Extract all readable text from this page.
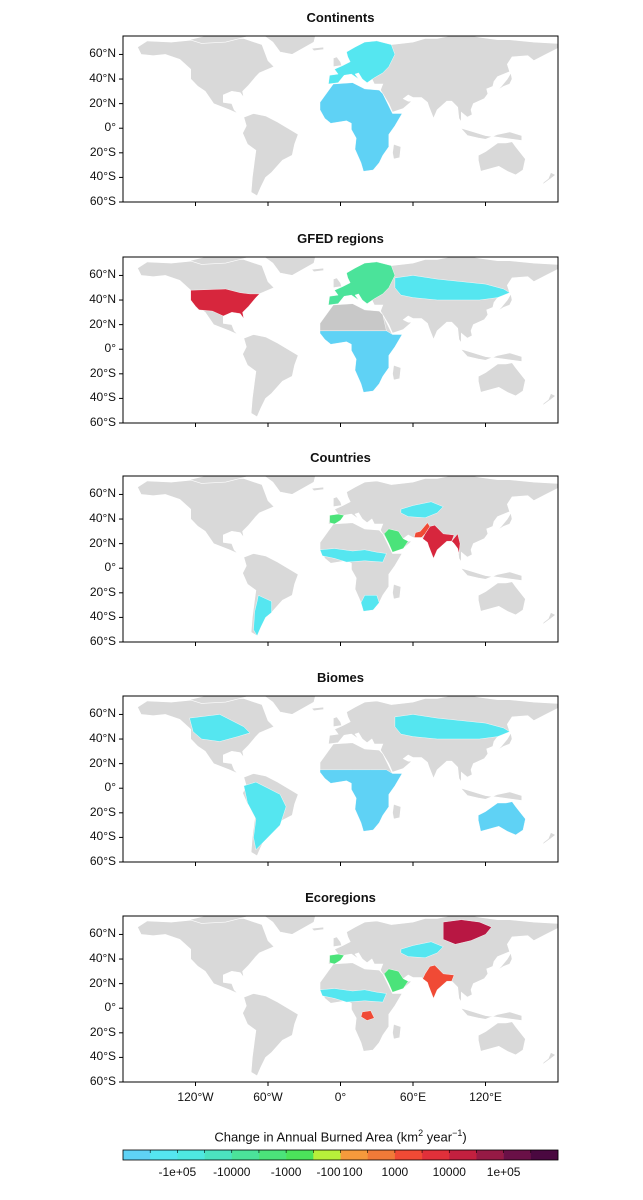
Continents
60°N
40°N
20°N
0°
20°S
40°S
60°S
GFED regions
60°N
40°N
20°N
0°
20°S
40°S
60°S
Countries
60°N
40°N
20°N
0°
20°S
40°S
60°S
Biomes
60°N
40°N
20°N
0°
20°S
40°S
60°S
Ecoregions
60°N
40°N
20°N
0°
20°S
40°S
60°S
120°W	60°W	0°	60°E	120°E
Change in Annual Burned Area ($km^2$ year$^{-1}$)
-1e+05	-10000	-1000	-100 100	1000	10000	1e+05
